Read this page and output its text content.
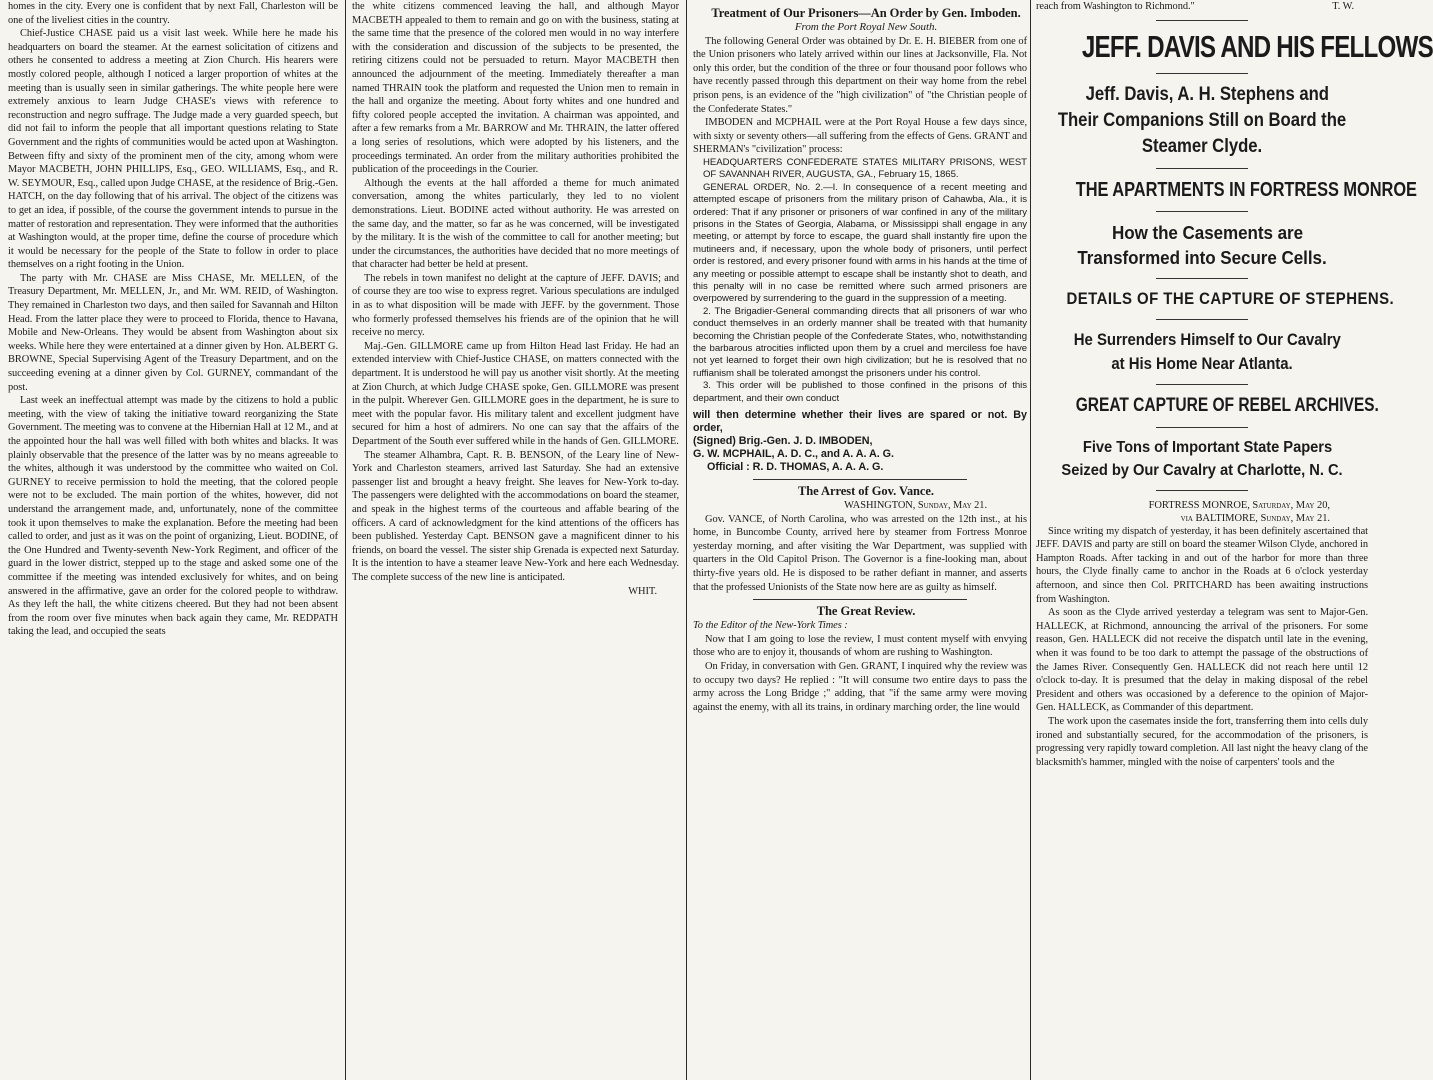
homes in the city. Every one is confident that by next Fall, Charleston will be one of the liveliest cities in the country.

Chief-Justice CHASE paid us a visit last week. While here he made his headquarters on board the steamer. At the earnest solicitation of citizens and others he consented to address a meeting at Zion Church. His hearers were mostly colored people, although I noticed a larger proportion of whites at the meeting than is usually seen in similar gatherings. The white people here were extremely anxious to learn Judge CHASE's views with reference to reconstruction and negro suffrage. The Judge made a very guarded speech, but did not fail to inform the people that all important questions relating to State Government and the rights of communities would be acted upon at Washington. Between fifty and sixty of the prominent men of the city, among whom were Mayor MACBETH, JOHN PHILLIPS, Esq., GEO. WILLIAMS, Esq., and R. W. SEYMOUR, Esq., called upon Judge CHASE, at the residence of Brig.-Gen. HATCH, on the day following that of his arrival. The object of the citizens was to get an idea, if possible, of the course the government intends to pursue in the matter of restoration and representation. They were informed that the authorities at Washington would, at the proper time, define the course of procedure which it would be necessary for the people of the State to follow in order to place themselves on a right footing in the Union.

The party with Mr. CHASE are Miss CHASE, Mr. MELLEN, of the Treasury Department, Mr. MELLEN, Jr., and Mr. WM. REID, of Washington. They remained in Charleston two days, and then sailed for Savannah and Hilton Head. From the latter place they were to proceed to Florida, thence to Havana, Mobile and New-Orleans. They would be absent from Washington about six weeks. While here they were entertained at a dinner given by Hon. ALBERT G. BROWNE, Special Supervising Agent of the Treasury Department, and on the succeeding evening at a dinner given by Col. GURNEY, commandant of the post.

Last week an ineffectual attempt was made by the citizens to hold a public meeting, with the view of taking the initiative toward reorganizing the State Government. The meeting was to convene at the Hibernian Hall at 12 M., and at the appointed hour the hall was well filled with both whites and blacks. It was plainly observable that the presence of the latter was by no means agreeable to the whites, although it was understood by the committee who waited on Col. GURNEY to receive permission to hold the meeting, that the colored people were not to be excluded. The main portion of the whites, however, did not understand the arrangement made, and, unfortunately, none of the committee took it upon themselves to make the explanation. Before the meeting had been called to order, and just as it was on the point of organizing, Lieut. BODINE, of the One Hundred and Twenty-seventh New-York Regiment, and officer of the guard in the lower district, stepped up to the stage and asked some one of the committee if the meeting was intended exclusively for whites, and on being answered in the affirmative, gave an order for the colored people to withdraw. As they left the hall, the white citizens cheered. But they had not been absent from the room over five minutes when back again they came, Mr. REDPATH taking the lead, and occupied the seats

the white citizens commenced leaving the hall, and although Mayor MACBETH appealed to them to remain and go on with the business, stating at the same time that the presence of the colored men would in no way interfere with the consideration and discussion of the subjects to be presented, the retiring citizens could not be persuaded to return. Mayor MACBETH then announced the adjournment of the meeting. Immediately thereafter a man named THRAIN took the platform and requested the Union men to remain in the hall and organize the meeting. About forty whites and one hundred and fifty colored people accepted the invitation. A chairman was appointed, and after a few remarks from a Mr. BARROW and Mr. THRAIN, the latter offered a long series of resolutions, which were adopted by his listeners, and the proceedings terminated. An order from the military authorities prohibited the publication of the proceedings in the Courier.

Although the events at the hall afforded a theme for much animated conversation, among the whites particularly, they led to no violent demonstrations. Lieut. BODINE acted without authority. He was arrested on the same day, and the matter, so far as he was concerned, will be investigated by the military. It is the wish of the committee to call for another meeting; but under the circumstances, the authorities have decided that no more meetings of that character had better be held at present.

The rebels in town manifest no delight at the capture of JEFF. DAVIS; and of course they are too wise to express regret. Various speculations are indulged in as to what disposition will be made with JEFF. by the government. Those who formerly professed themselves his friends are of the opinion that he will receive no mercy.

Maj.-Gen. GILLMORE came up from Hilton Head last Friday. He had an extended interview with Chief-Justice CHASE, on matters connected with the department. It is understood he will pay us another visit shortly. At the meeting at Zion Church, at which Judge CHASE spoke, Gen. GILLMORE was present in the pulpit. Wherever Gen. GILLMORE goes in the department, he is sure to meet with the popular favor. His military talent and excellent judgment have secured for him a host of admirers. No one can say that the affairs of the Department of the South ever suffered while in the hands of Gen. GILLMORE.

The steamer Alhambra, Capt. R. B. BENSON, of the Leary line of New-York and Charleston steamers, arrived last Saturday. She had an extensive passenger list and brought a heavy freight. She leaves for New-York to-day. The passengers were delighted with the accommodations on board the steamer, and speak in the highest terms of the courteous and affable bearing of the officers. A card of acknowledgment for the kind attentions of the officers has been published. Yesterday Capt. BENSON gave a magnificent dinner to his friends, on board the vessel. The sister ship Grenada is expected next Saturday. It is the intention to have a steamer leave New-York and here each Wednesday. The complete success of the new line is anticipated.

WHIT.

Treatment of Our Prisoners—An Order by Gen. Imboden.

From the Port Royal New South.

The following General Order was obtained by Dr. E. H. BIEBER from one of the Union prisoners who lately arrived within our lines at Jacksonville, Fla. Not only this order, but the condition of the three or four thousand poor follows who have recently passed through this department on their way home from the rebel prison pens, is an evidence of the "high civilization" of "the Christian people of the Confederate States."

IMBODEN and MCPHAIL were at the Port Royal House a few days since, with sixty or seventy others—all suffering from the effects of Gens. GRANT and SHERMAN's "civilization" process:

HEADQUARTERS CONFEDERATE STATES MILITARY PRISONS, WEST OF SAVANNAH RIVER, AUGUSTA, GA., February 15, 1865.

GENERAL ORDER, No. 2.—I. In consequence of a recent meeting and attempted escape of prisoners from the military prison of Cahawba, Ala., it is ordered: That if any prisoner or prisoners of war confined in any of the military prisons in the States of Georgia, Alabama, or Mississippi shall engage in any meeting, or attempt by force to escape, the guard shall instantly fire upon the mutineers and, if necessary, upon the whole body of prisoners, until perfect order is restored, and every prisoner found with arms in his hands at the time of any meeting or possible attempt to escape shall be instantly shot to death, and this penalty will in no case be remitted where such armed prisoners are overpowered by surrendering to the guard in the suppression of a meeting.

2. The Brigadier-General commanding directs that all prisoners of war who conduct themselves in an orderly manner shall be treated with that humanity becoming the Christian people of the Confederate States, who, notwithstanding the barbarous atrocities inflicted upon them by a cruel and merciless foe have not yet learned to forget their own high civilization; but he is resolved that no ruffianism shall be tolerated amongst the prisoners under his control.

3. This order will be published to those confined in the prisons of this department, and their own conduct

will then determine whether their lives are spared or not. By order,

(Signed) Brig.-Gen. J. D. IMBODEN,

G. W. MCPHAIL, A. D. C., and A. A. A. G.

Official : R. D. THOMAS, A. A. A. G.

The Arrest of Gov. Vance.

WASHINGTON, Sunday, May 21.

Gov. VANCE, of North Carolina, who was arrested on the 12th inst., at his home, in Buncombe County, arrived here by steamer from Fortress Monroe yesterday morning, and after visiting the War Department, was supplied with quarters in the Old Capitol Prison. The Governor is a fine-looking man, about thirty-five years old. He is disposed to be rather defiant in manner, and asserts that the professed Unionists of the State now here are as guilty as himself.

The Great Review.

To the Editor of the New-York Times :

Now that I am going to lose the review, I must content myself with envying those who are to enjoy it, thousands of whom are rushing to Washington.

On Friday, in conversation with Gen. GRANT, I inquired why the review was to occupy two days? He replied : "It will consume two entire days to pass the army across the Long Bridge ;" adding, that "if the same army were moving against the enemy, with all its trains, in ordinary marching order, the line would

reach from Washington to Richmond."	T. W.

JEFF. DAVIS AND HIS FELLOWS

Jeff. Davis, A. H. Stephens and Their Companions Still on Board the Steamer Clyde.

THE APARTMENTS IN FORTRESS MONROE

How the Casements are Transformed into Secure Cells.

DETAILS OF THE CAPTURE OF STEPHENS.

He Surrenders Himself to Our Cavalry at His Home Near Atlanta.

GREAT CAPTURE OF REBEL ARCHIVES.

Five Tons of Important State Papers Seized by Our Cavalry at Charlotte, N. C.

FORTRESS MONROE, Saturday, May 20,

via BALTIMORE, Sunday, May 21.

Since writing my dispatch of yesterday, it has been definitely ascertained that JEFF. DAVIS and party are still on board the steamer Wilson Clyde, anchored in Hampton Roads. After tacking in and out of the harbor for more than three hours, the Clyde finally came to anchor in the Roads at 6 o'clock yesterday afternoon, and since then Col. PRITCHARD has been awaiting instructions from Washington.

As soon as the Clyde arrived yesterday a telegram was sent to Major-Gen. HALLECK, at Richmond, announcing the arrival of the prisoners. For some reason, Gen. HALLECK did not receive the dispatch until late in the evening, when it was found to be too dark to attempt the passage of the obstructions of the James River. Consequently Gen. HALLECK did not reach here until 12 o'clock to-day. It is presumed that the delay in making disposal of the rebel President and others was occasioned by a deference to the opinion of Major-Gen. HALLECK, as Commander of this department.

The work upon the casemates inside the fort, transferring them into cells duly ironed and substantially secured, for the accommodation of the prisoners, is progressing very rapidly toward completion. All last night the heavy clang of the blacksmith's hammer, mingled with the noise of carpenters' tools and the
